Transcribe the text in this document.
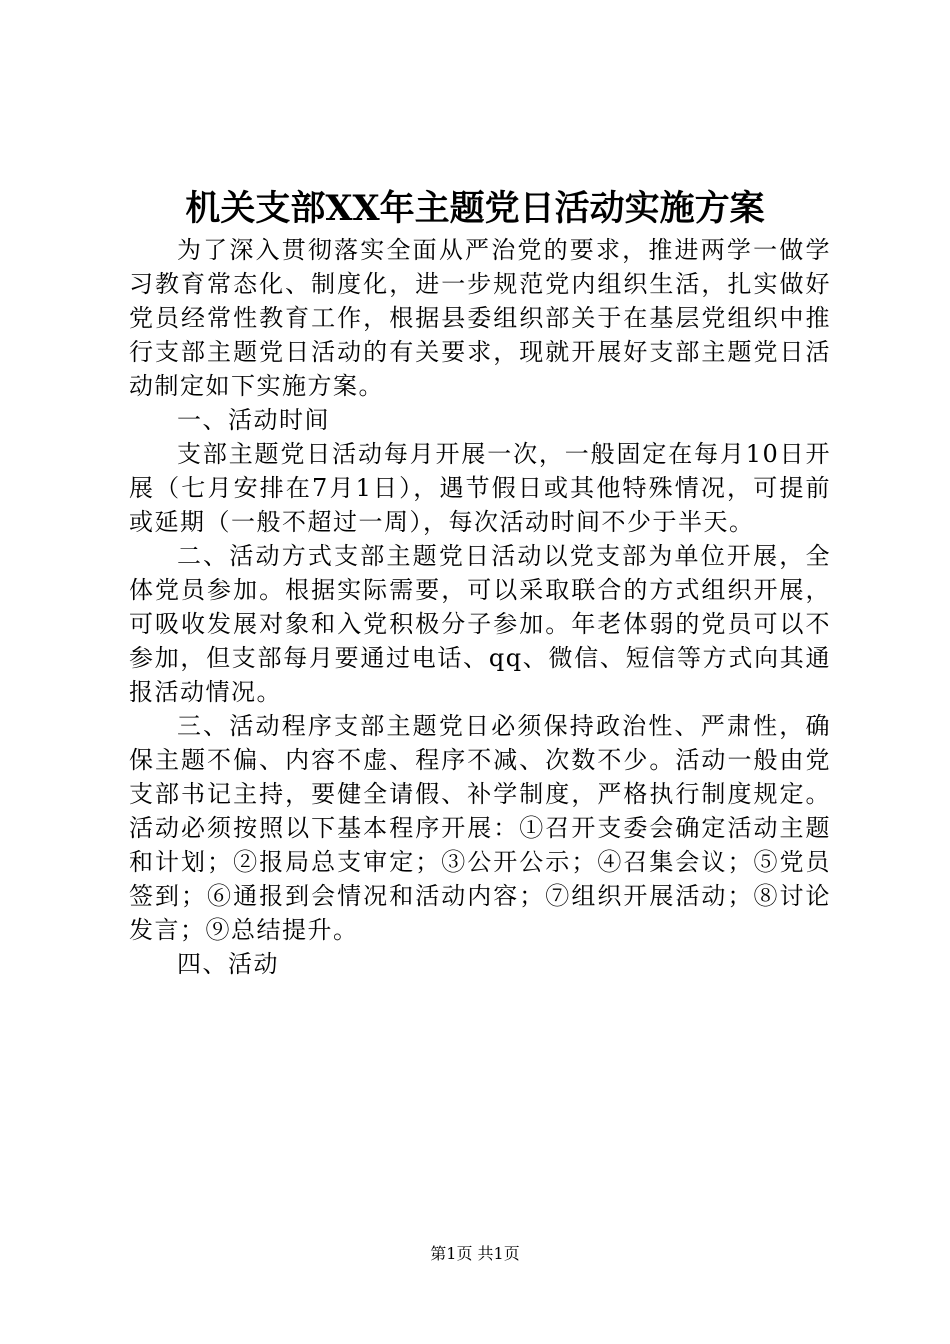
机关支部XX年主题党日活动实施方案

为了深入贯彻落实全面从严治党的要求，推进两学一做学习教育常态化、制度化，进一步规范党内组织生活，扎实做好党员经常性教育工作，根据县委组织部关于在基层党组织中推行支部主题党日活动的有关要求，现就开展好支部主题党日活动制定如下实施方案。

一、活动时间

支部主题党日活动每月开展一次，一般固定在每月10日开展（七月安排在7月1日），遇节假日或其他特殊情况，可提前或延期（一般不超过一周），每次活动时间不少于半天。

二、活动方式支部主题党日活动以党支部为单位开展，全体党员参加。根据实际需要，可以采取联合的方式组织开展，可吸收发展对象和入党积极分子参加。年老体弱的党员可以不参加，但支部每月要通过电话、qq、微信、短信等方式向其通报活动情况。

三、活动程序支部主题党日必须保持政治性、严肃性，确保主题不偏、内容不虚、程序不减、次数不少。活动一般由党支部书记主持，要健全请假、补学制度，严格执行制度规定。活动必须按照以下基本程序开展：①召开支委会确定活动主题和计划；②报局总支审定；③公开公示；④召集会议；⑤党员签到；⑥通报到会情况和活动内容；⑦组织开展活动；⑧讨论发言；⑨总结提升。

四、活动

第1页 共1页
